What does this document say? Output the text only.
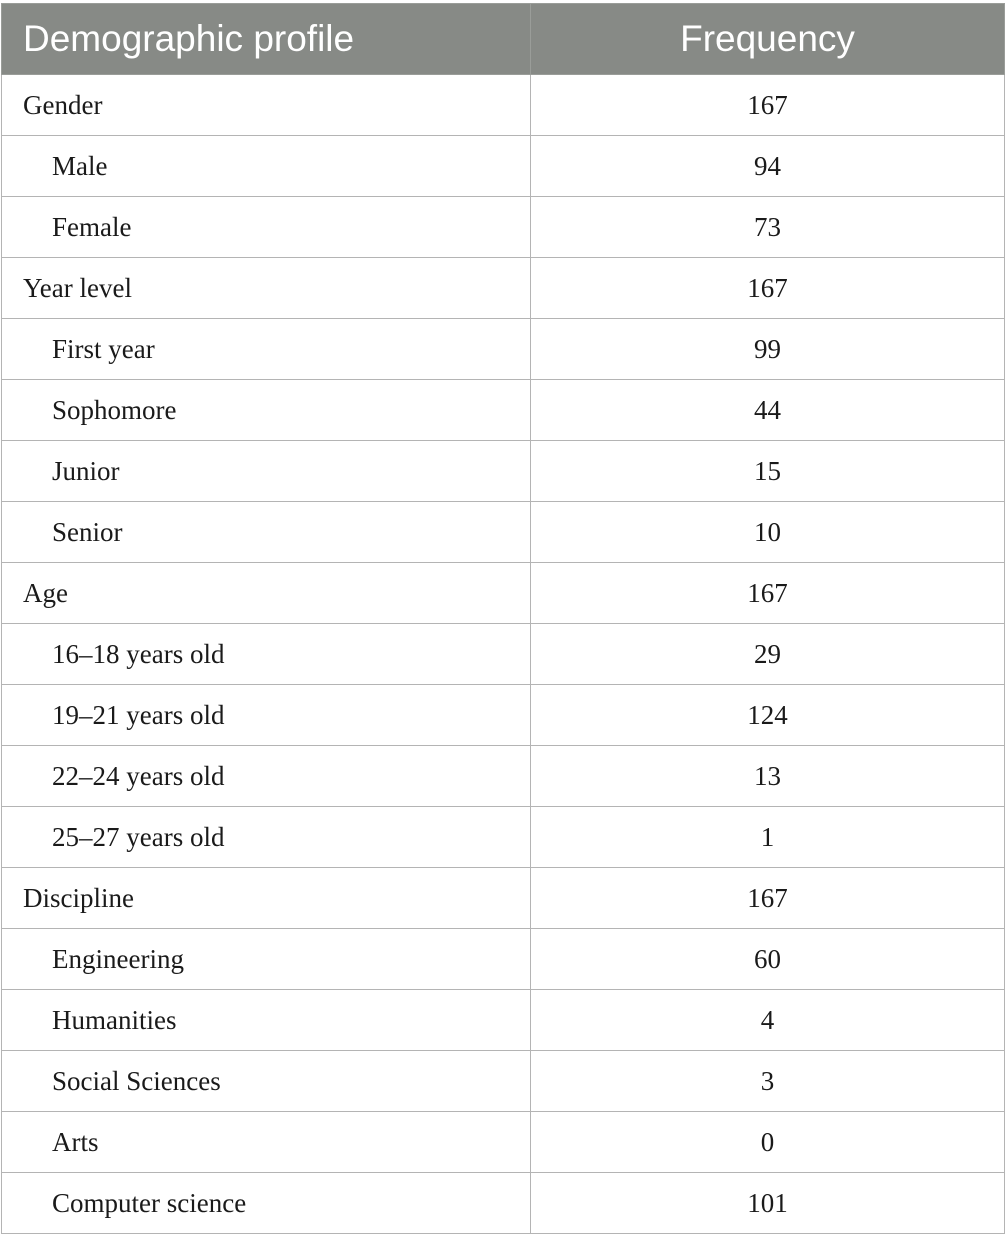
Demographic profile	Frequency
Gender	167
Male	94
Female	73
Year level	167
First year	99
Sophomore	44
Junior	15
Senior	10
Age	167
16–18 years old	29
19–21 years old	124
22–24 years old	13
25–27 years old	1
Discipline	167
Engineering	60
Humanities	4
Social Sciences	3
Arts	0
Computer science	101
